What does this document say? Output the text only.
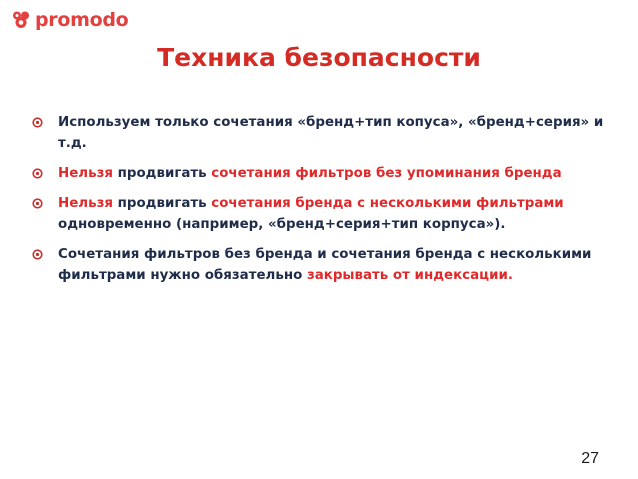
promodo
Техника безопасности
Используем только сочетания «бренд+тип копуса», «бренд+серия» и т.д.
Нельзя продвигать сочетания фильтров без упоминания бренда
Нельзя продвигать сочетания бренда с несколькими фильтрами одновременно (например, «бренд+серия+тип корпуса»).
Сочетания фильтров без бренда и сочетания бренда с несколькими фильтрами нужно обязательно закрывать от индексации.
27
